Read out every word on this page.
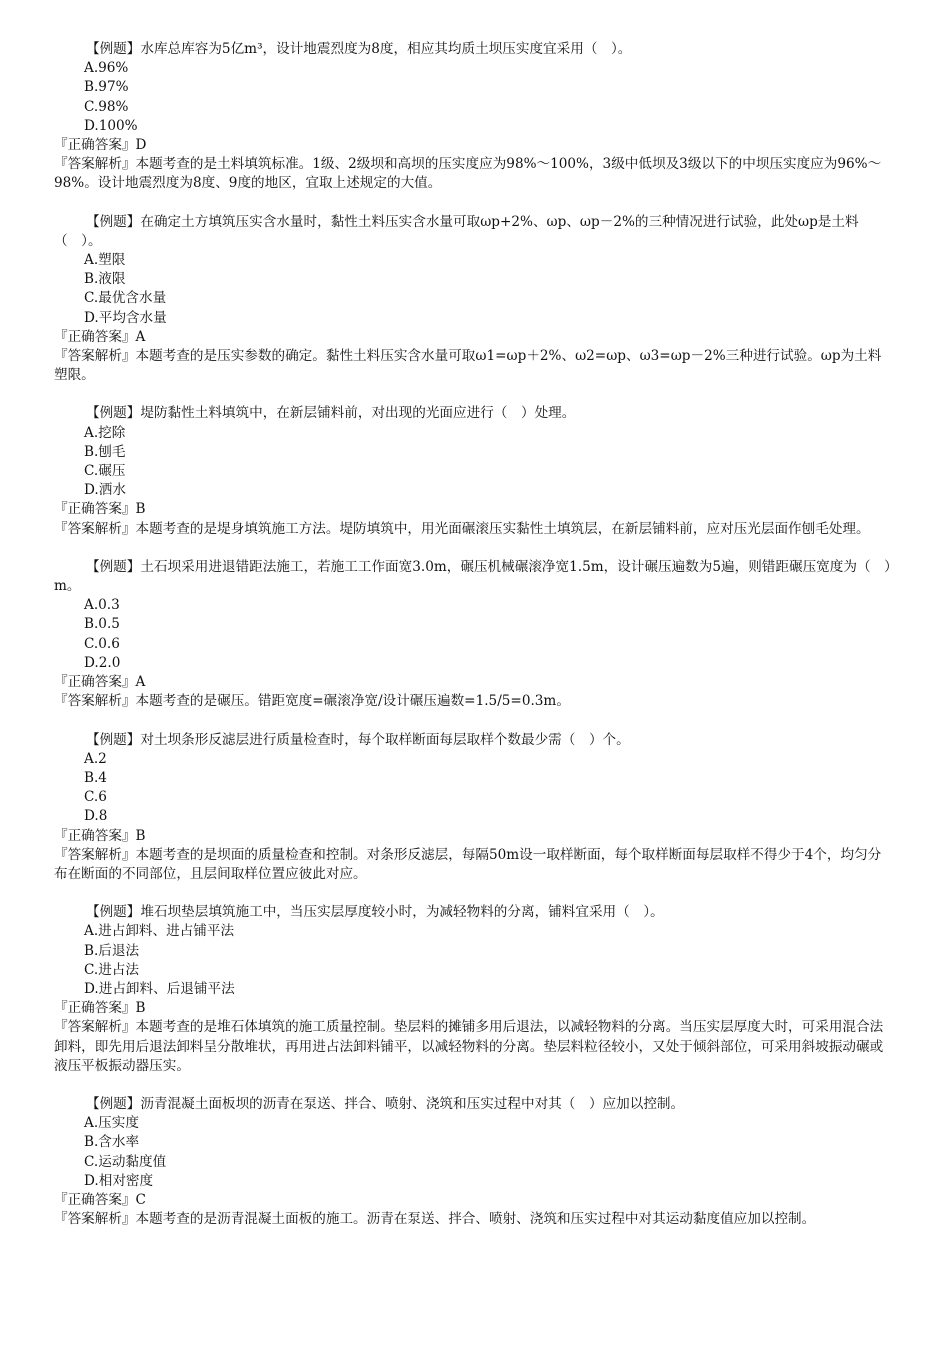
【例题】水库总库容为5亿m³，设计地震烈度为8度，相应其均质土坝压实度宜采用（　）。
A.96%
B.97%
C.98%
D.100%
『正确答案』D
『答案解析』本题考查的是土料填筑标准。1级、2级坝和高坝的压实度应为98%～100%，3级中低坝及3级以下的中坝压实度应为96%～98%。设计地震烈度为8度、9度的地区，宜取上述规定的大值。
【例题】在确定土方填筑压实含水量时，黏性土料压实含水量可取ωp+2%、ωp、ωp－2%的三种情况进行试验，此处ωp是土料（　）。
A.塑限
B.液限
C.最优含水量
D.平均含水量
『正确答案』A
『答案解析』本题考查的是压实参数的确定。黏性土料压实含水量可取ω1=ωp＋2%、ω2=ωp、ω3=ωp－2%三种进行试验。ωp为土料塑限。
【例题】堤防黏性土料填筑中，在新层铺料前，对出现的光面应进行（　）处理。
A.挖除
B.刨毛
C.碾压
D.洒水
『正确答案』B
『答案解析』本题考查的是堤身填筑施工方法。堤防填筑中，用光面碾滚压实黏性土填筑层，在新层铺料前，应对压光层面作刨毛处理。
【例题】土石坝采用进退错距法施工，若施工工作面宽3.0m，碾压机械碾滚净宽1.5m，设计碾压遍数为5遍，则错距碾压宽度为（　）m。
A.0.3
B.0.5
C.0.6
D.2.0
『正确答案』A
『答案解析』本题考查的是碾压。错距宽度=碾滚净宽/设计碾压遍数=1.5/5=0.3m。
【例题】对土坝条形反滤层进行质量检查时，每个取样断面每层取样个数最少需（　）个。
A.2
B.4
C.6
D.8
『正确答案』B
『答案解析』本题考查的是坝面的质量检查和控制。对条形反滤层，每隔50m设一取样断面，每个取样断面每层取样不得少于4个，均匀分布在断面的不同部位，且层间取样位置应彼此对应。
【例题】堆石坝垫层填筑施工中，当压实层厚度较小时，为减轻物料的分离，铺料宜采用（　）。
A.进占卸料、进占铺平法
B.后退法
C.进占法
D.进占卸料、后退铺平法
『正确答案』B
『答案解析』本题考查的是堆石体填筑的施工质量控制。垫层料的摊铺多用后退法，以减轻物料的分离。当压实层厚度大时，可采用混合法卸料，即先用后退法卸料呈分散堆状，再用进占法卸料铺平，以减轻物料的分离。垫层料粒径较小，又处于倾斜部位，可采用斜坡振动碾或液压平板振动器压实。
【例题】沥青混凝土面板坝的沥青在泵送、拌合、喷射、浇筑和压实过程中对其（　）应加以控制。
A.压实度
B.含水率
C.运动黏度值
D.相对密度
『正确答案』C
『答案解析』本题考查的是沥青混凝土面板的施工。沥青在泵送、拌合、喷射、浇筑和压实过程中对其运动黏度值应加以控制。
